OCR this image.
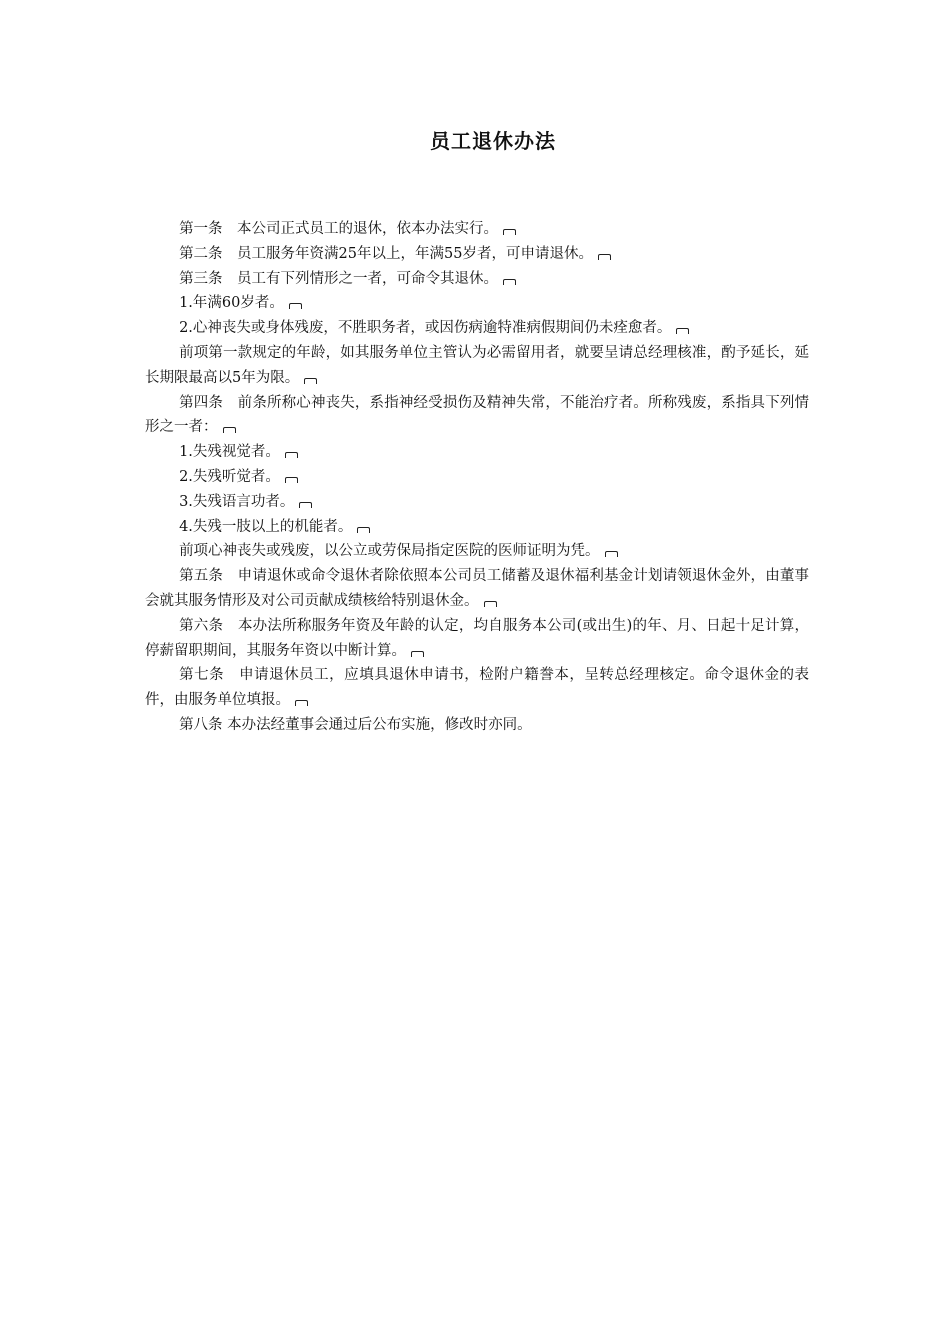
员工退休办法

第一条　本公司正式员工的退休，依本办法实行。

第二条　员工服务年资满25年以上，年满55岁者，可申请退休。

第三条　员工有下列情形之一者，可命令其退休。

1.年满60岁者。

2.心神丧失或身体残废，不胜职务者，或因伤病逾特准病假期间仍未痊愈者。

前项第一款规定的年龄，如其服务单位主管认为必需留用者，就要呈请总经理核准，酌予延长，延长期限最高以5年为限。

第四条　前条所称心神丧失，系指神经受损伤及精神失常，不能治疗者。所称残废，系指具下列情形之一者：

1.失残视觉者。

2.失残听觉者。

3.失残语言功者。

4.失残一肢以上的机能者。

前项心神丧失或残废，以公立或劳保局指定医院的医师证明为凭。

第五条　申请退休或命令退休者除依照本公司员工储蓄及退休福利基金计划请领退休金外，由董事会就其服务情形及对公司贡献成绩核给特别退休金。

第六条　本办法所称服务年资及年龄的认定，均自服务本公司(或出生)的年、月、日起十足计算，停薪留职期间，其服务年资以中断计算。

第七条　申请退休员工，应填具退休申请书，检附户籍誊本，呈转总经理核定。命令退休金的表件，由服务单位填报。

第八条 本办法经董事会通过后公布实施，修改时亦同。
